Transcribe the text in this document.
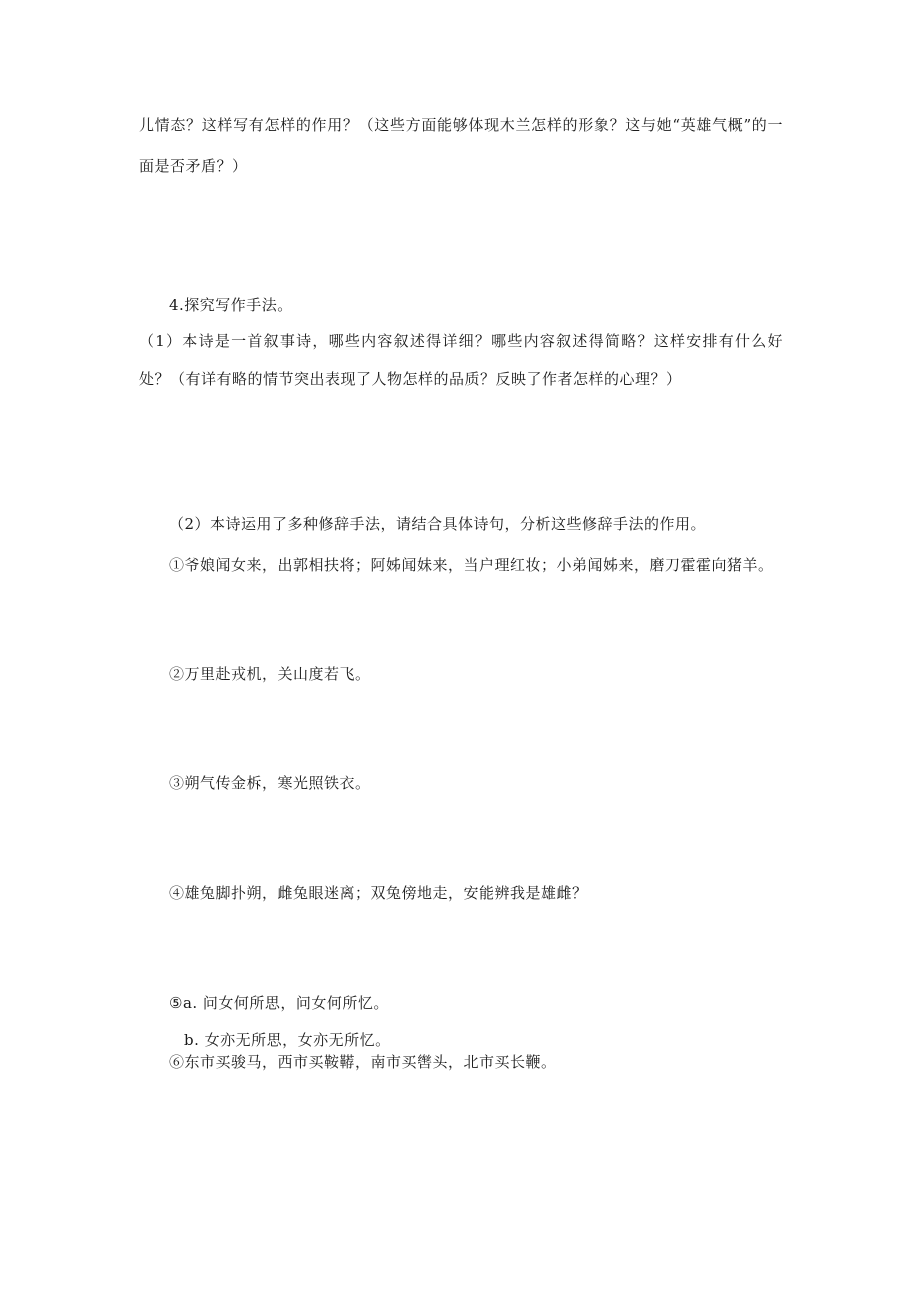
儿情态？这样写有怎样的作用？（这些方面能够体现木兰怎样的形象？这与她“英雄气概”的一
面是否矛盾？）
4.探究写作手法。
（1）本诗是一首叙事诗，哪些内容叙述得详细？哪些内容叙述得简略？这样安排有什么好
处？（有详有略的情节突出表现了人物怎样的品质？反映了作者怎样的心理？）
（2）本诗运用了多种修辞手法，请结合具体诗句，分析这些修辞手法的作用。
①爷娘闻女来，出郭相扶将；阿姊闻妹来，当户理红妆；小弟闻姊来，磨刀霍霍向猪羊。
②万里赴戎机，关山度若飞。
③朔气传金柝，寒光照铁衣。
④雄兔脚扑朔，雌兔眼迷离；双兔傍地走，安能辨我是雄雌？
⑤a. 问女何所思，问女何所忆。
b. 女亦无所思，女亦无所忆。
⑥东市买骏马，西市买鞍鞯，南市买辔头，北市买长鞭。
